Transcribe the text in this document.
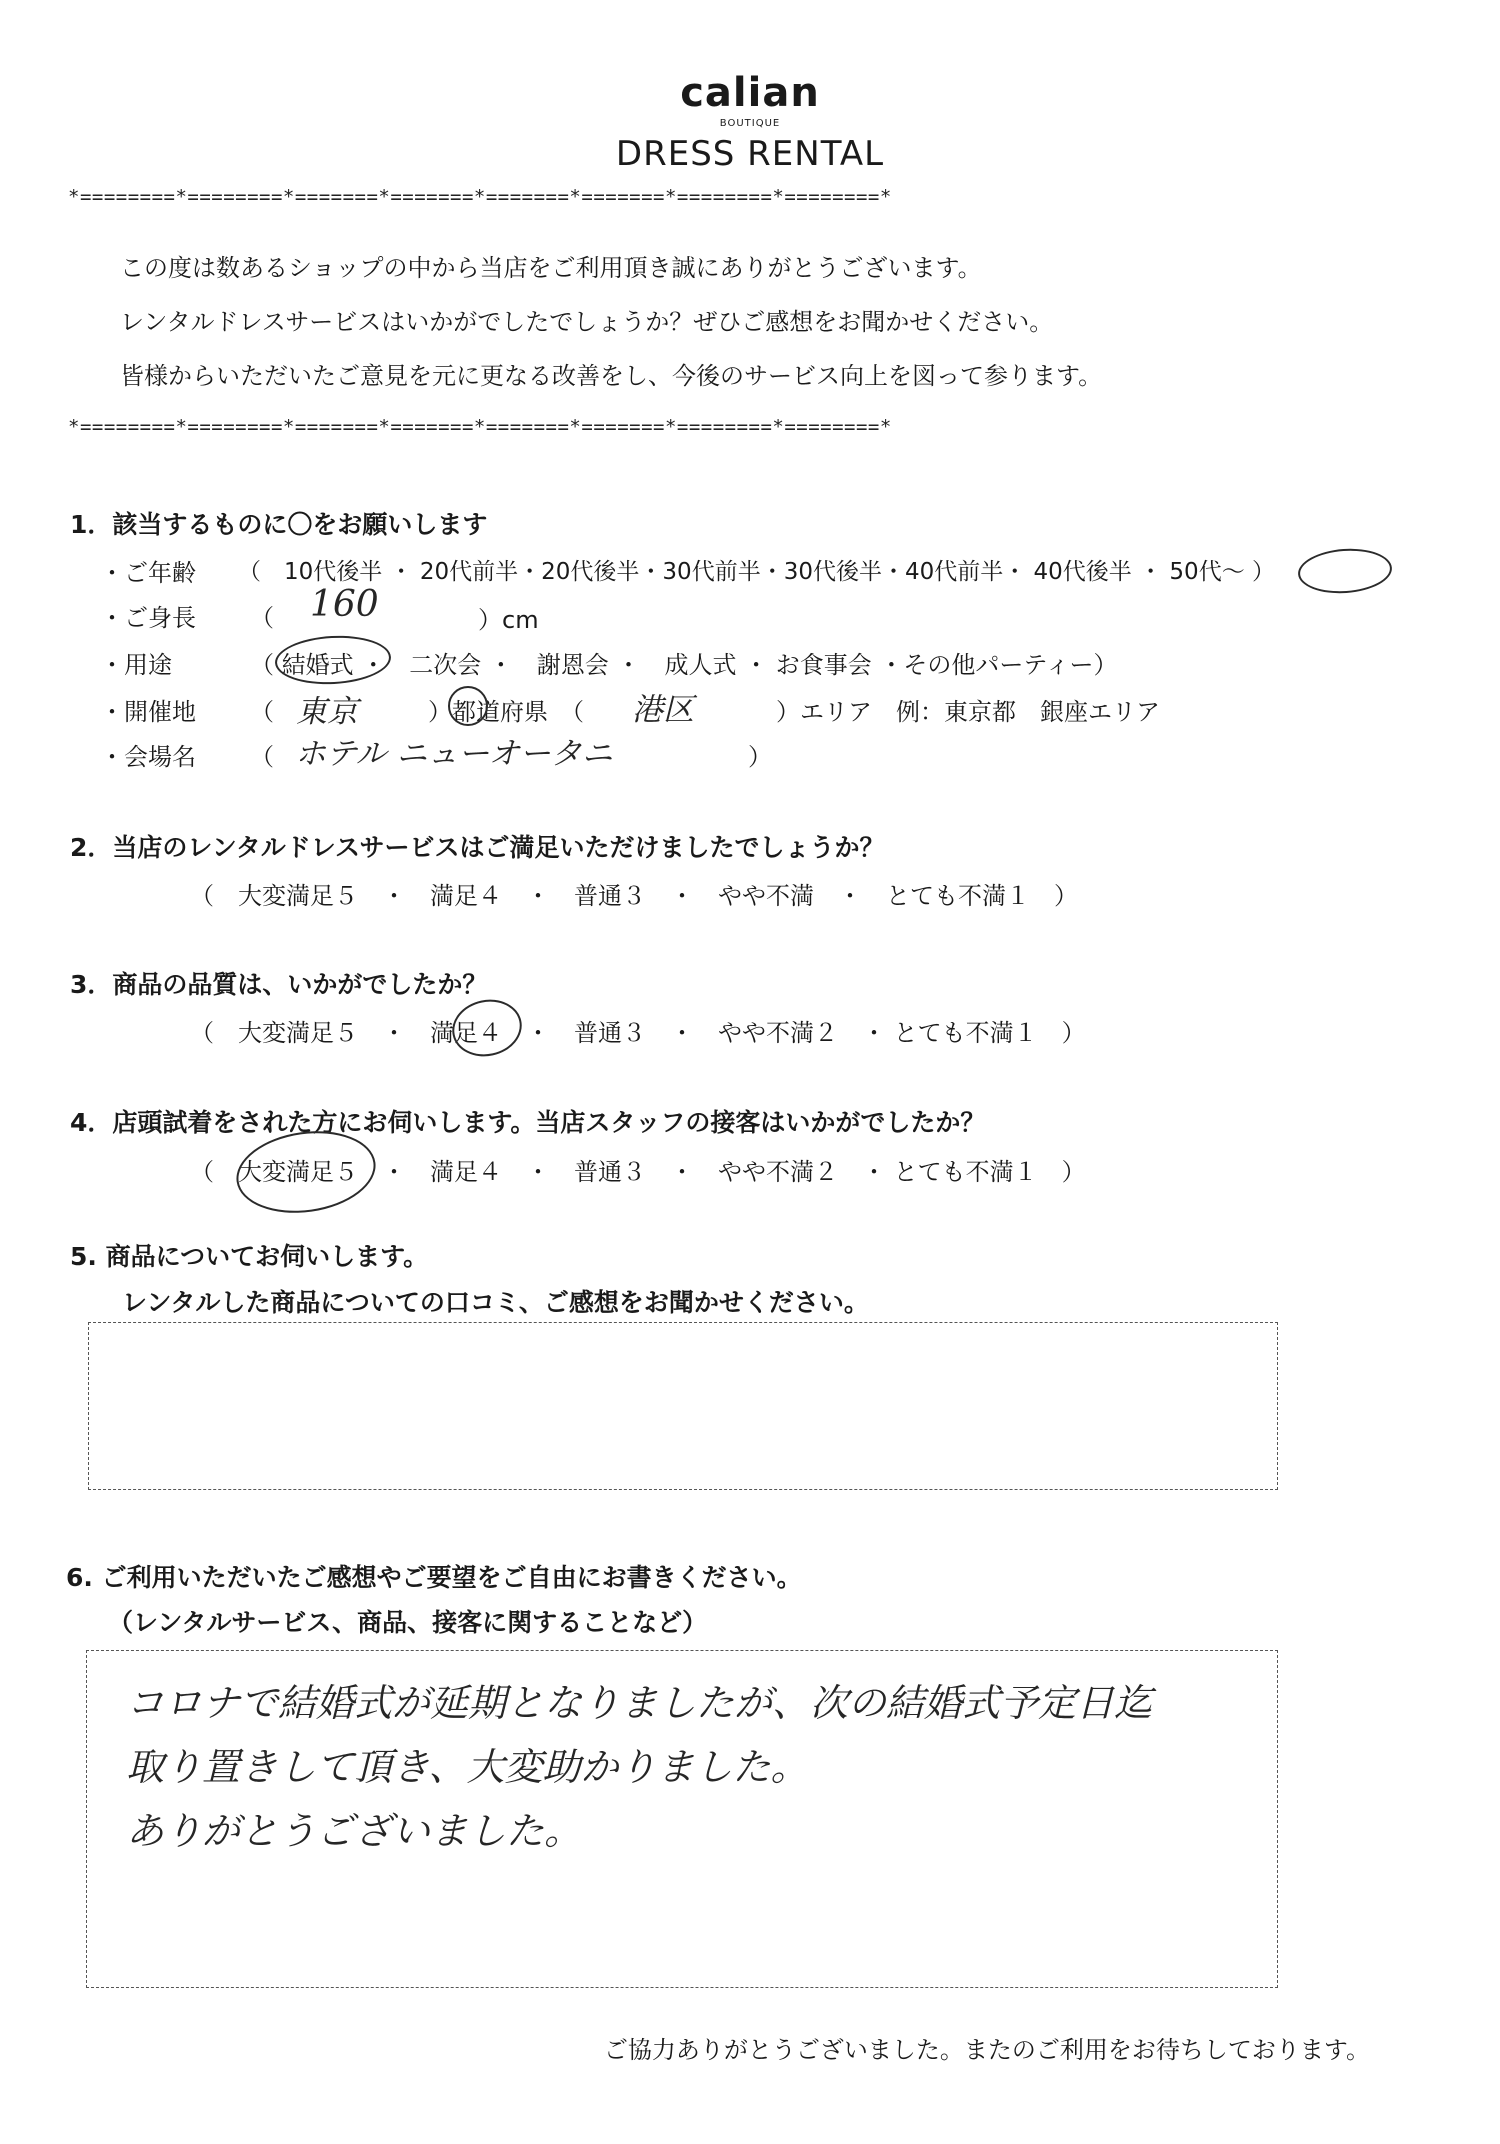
calian
BOUTIQUE
DRESS RENTAL
*========*========*=======*=======*=======*=======*========*========*
この度は数あるショップの中から当店をご利用頂き誠にありがとうございます。
レンタルドレスサービスはいかがでしたでしょうか？ぜひご感想をお聞かせください。
皆様からいただいたご意見を元に更なる改善をし、今後のサービス向上を図って参ります。
*========*========*=======*=======*=======*=======*========*========*
1．該当するものに〇をお願いします
・ご年齢 （　10代後半 ・ 20代前半・20代後半・30代前半・30代後半・40代前半・ 40代後半 ・ 50代～ ）
・ご身長 （ 160	）cm
・用途	（ 結婚式 ・　二次会 ・　謝恩会 ・　成人式 ・ お食事会 ・その他パーティー）
・開催地 （ 東京	）都道府県　（ 港区	）エリア　例：東京都　銀座エリア
・会場名 （ ホテル ニューオータニ	）
2．当店のレンタルドレスサービスはご満足いただけましたでしょうか？
（　大変満足５　・　満足４　・　普通３　・　やや不満　・　とても不満１　）
3．商品の品質は、いかがでしたか？
（　大変満足５　・　満足４　・　普通３　・　やや不満２　・ とても不満１　）
4．店頭試着をされた方にお伺いします。当店スタッフの接客はいかがでしたか？
（　大変満足５　・　満足４　・　普通３　・　やや不満２　・ とても不満１　）
5. 商品についてお伺いします。
レンタルした商品についての口コミ、ご感想をお聞かせください。
6. ご利用いただいたご感想やご要望をご自由にお書きください。
（レンタルサービス、商品、接客に関することなど）
コロナで結婚式が延期となりましたが、次の結婚式予定日迄
取り置きして頂き、大変助かりました。
ありがとうございました。
ご協力ありがとうございました。またのご利用をお待ちしております。
